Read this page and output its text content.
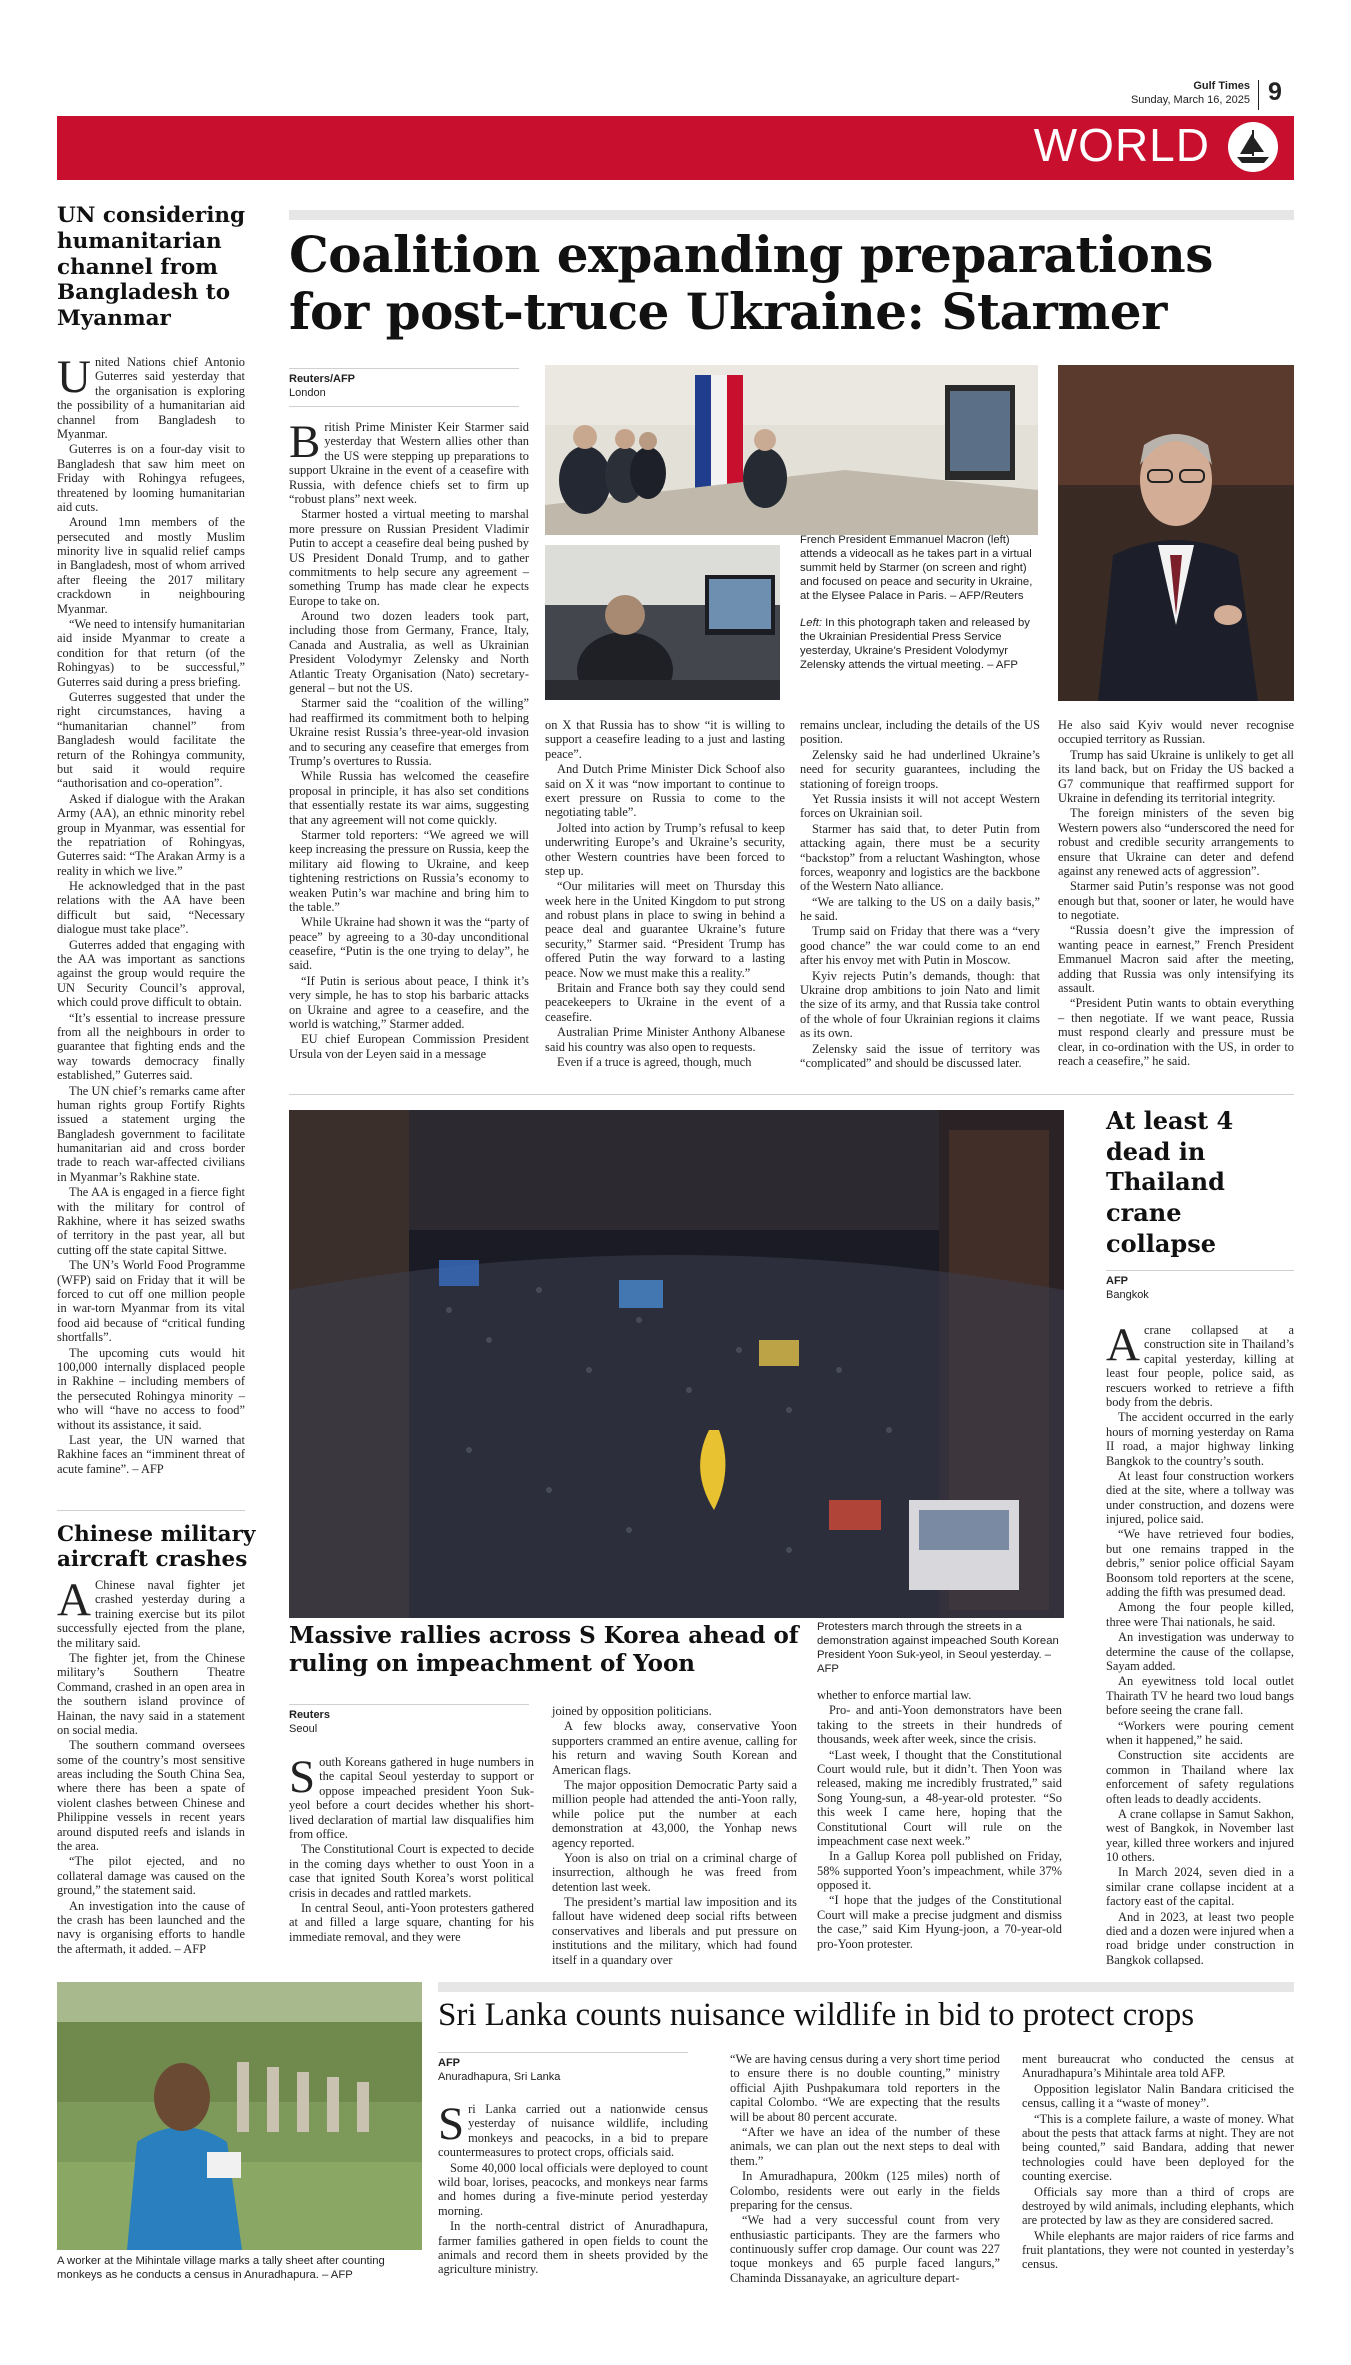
Gulf Times
Sunday, March 16, 2025 9
WORLD
UN considering humanitarian channel from Bangladesh to Myanmar

United Nations chief Antonio Guterres said yesterday that the organisation is exploring the possibility of a humanitarian aid channel from Bangladesh to Myanmar.

Guterres is on a four-day visit to Bangladesh that saw him meet on Friday with Rohingya refugees, threatened by looming humanitarian aid cuts.

Around 1mn members of the persecuted and mostly Muslim minority live in squalid relief camps in Bangladesh, most of whom arrived after fleeing the 2017 military crackdown in neighbouring Myanmar.

“We need to intensify humanitarian aid inside Myanmar to create a condition for that return (of the Rohingyas) to be successful,” Guterres said during a press briefing.

Guterres suggested that under the right circumstances, having a “humanitarian channel” from Bangladesh would facilitate the return of the Rohingya community, but said it would require “authorisation and co-operation”.

Asked if dialogue with the Arakan Army (AA), an ethnic minority rebel group in Myanmar, was essential for the repatriation of Rohingyas, Guterres said: “The Arakan Army is a reality in which we live.”

He acknowledged that in the past relations with the AA have been difficult but said, “Necessary dialogue must take place”.

Guterres added that engaging with the AA was important as sanctions against the group would require the UN Security Council’s approval, which could prove difficult to obtain.

“It’s essential to increase pressure from all the neighbours in order to guarantee that fighting ends and the way towards democracy finally established,” Guterres said.

The UN chief’s remarks came after human rights group Fortify Rights issued a statement urging the Bangladesh government to facilitate humanitarian aid and cross border trade to reach war-affected civilians in Myanmar’s Rakhine state.

The AA is engaged in a fierce fight with the military for control of Rakhine, where it has seized swaths of territory in the past year, all but cutting off the state capital Sittwe.

The UN’s World Food Programme (WFP) said on Friday that it will be forced to cut off one million people in war-torn Myanmar from its vital food aid because of “critical funding shortfalls”.

The upcoming cuts would hit 100,000 internally displaced people in Rakhine – including members of the persecuted Rohingya minority – who will “have no access to food” without its assistance, it said.

Last year, the UN warned that Rakhine faces an “imminent threat of acute famine”. – AFP

Chinese military aircraft crashes

A Chinese naval fighter jet crashed yesterday during a training exercise but its pilot successfully ejected from the plane, the military said.

The fighter jet, from the Chinese military’s Southern Theatre Command, crashed in an open area in the southern island province of Hainan, the navy said in a statement on social media.

The southern command oversees some of the country’s most sensitive areas including the South China Sea, where there has been a spate of violent clashes between Chinese and Philippine vessels in recent years around disputed reefs and islands in the area.

“The pilot ejected, and no collateral damage was caused on the ground,” the statement said.

An investigation into the cause of the crash has been launched and the navy is organising efforts to handle the aftermath, it added. – AFP

Coalition expanding preparations for post-truce Ukraine: Starmer
Reuters/AFP
London

British Prime Minister Keir Starmer said yesterday that Western allies other than the US were stepping up preparations to support Ukraine in the event of a ceasefire with Russia, with defence chiefs set to firm up “robust plans” next week.

Starmer hosted a virtual meeting to marshal more pressure on Russian President Vladimir Putin to accept a ceasefire deal being pushed by US President Donald Trump, and to gather commitments to help secure any agreement – something Trump has made clear he expects Europe to take on.

Around two dozen leaders took part, including those from Germany, France, Italy, Canada and Australia, as well as Ukrainian President Volodymyr Zelensky and North Atlantic Treaty Organisation (Nato) secretary-general – but not the US.

Starmer said the “coalition of the willing” had reaffirmed its commitment both to helping Ukraine resist Russia’s three-year-old invasion and to securing any ceasefire that emerges from Trump’s overtures to Russia.

While Russia has welcomed the ceasefire proposal in principle, it has also set conditions that essentially restate its war aims, suggesting that any agreement will not come quickly.

Starmer told reporters: “We agreed we will keep increasing the pressure on Russia, keep the military aid flowing to Ukraine, and keep tightening restrictions on Russia’s economy to weaken Putin’s war machine and bring him to the table.”

While Ukraine had shown it was the “party of peace” by agreeing to a 30-day unconditional ceasefire, “Putin is the one trying to delay”, he said.

“If Putin is serious about peace, I think it’s very simple, he has to stop his barbaric attacks on Ukraine and agree to a ceasefire, and the world is watching,” Starmer added.

EU chief European Commission President Ursula von der Leyen said in a message

French President Emmanuel Macron (left) attends a videocall as he takes part in a virtual summit held by Starmer (on screen and right) and focused on peace and security in Ukraine, at the Elysee Palace in Paris. – AFP/Reuters
Left: In this photograph taken and released by the Ukrainian Presidential Press Service yesterday, Ukraine’s President Volodymyr Zelensky attends the virtual meeting. – AFP

on X that Russia has to show “it is willing to support a ceasefire leading to a just and lasting peace”.

And Dutch Prime Minister Dick Schoof also said on X it was “now important to continue to exert pressure on Russia to come to the negotiating table”.

Jolted into action by Trump’s refusal to keep underwriting Europe’s and Ukraine’s security, other Western countries have been forced to step up.

“Our militaries will meet on Thursday this week here in the United Kingdom to put strong and robust plans in place to swing in behind a peace deal and guarantee Ukraine’s future security,” Starmer said. “President Trump has offered Putin the way forward to a lasting peace. Now we must make this a reality.”

Britain and France both say they could send peacekeepers to Ukraine in the event of a ceasefire.

Australian Prime Minister Anthony Albanese said his country was also open to requests.

Even if a truce is agreed, though, much

remains unclear, including the details of the US position.

Zelensky said he had underlined Ukraine’s need for security guarantees, including the stationing of foreign troops.

Yet Russia insists it will not accept Western forces on Ukrainian soil.

Starmer has said that, to deter Putin from attacking again, there must be a security “backstop” from a reluctant Washington, whose forces, weaponry and logistics are the backbone of the Western Nato alliance.

“We are talking to the US on a daily basis,” he said.

Trump said on Friday that there was a “very good chance” the war could come to an end after his envoy met with Putin in Moscow.

Kyiv rejects Putin’s demands, though: that Ukraine drop ambitions to join Nato and limit the size of its army, and that Russia take control of the whole of four Ukrainian regions it claims as its own.

Zelensky said the issue of territory was “complicated” and should be discussed later.

He also said Kyiv would never recognise occupied territory as Russian.

Trump has said Ukraine is unlikely to get all its land back, but on Friday the US backed a G7 communique that reaffirmed support for Ukraine in defending its territorial integrity.

The foreign ministers of the seven big Western powers also “underscored the need for robust and credible security arrangements to ensure that Ukraine can deter and defend against any renewed acts of aggression”.

Starmer said Putin’s response was not good enough but that, sooner or later, he would have to negotiate.

“Russia doesn’t give the impression of wanting peace in earnest,” French President Emmanuel Macron said after the meeting, adding that Russia was only intensifying its assault.

“President Putin wants to obtain everything – then negotiate. If we want peace, Russia must respond clearly and pressure must be clear, in co-ordination with the US, in order to reach a ceasefire,” he said.

Protesters march through the streets in a demonstration against impeached South Korean President Yoon Suk-yeol, in Seoul yesterday. – AFP
Massive rallies across S Korea ahead of ruling on impeachment of Yoon
Reuters
Seoul

South Koreans gathered in huge numbers in the capital Seoul yesterday to support or oppose impeached president Yoon Suk-yeol before a court decides whether his short-lived declaration of martial law disqualifies him from office.

The Constitutional Court is expected to decide in the coming days whether to oust Yoon in a case that ignited South Korea’s worst political crisis in decades and rattled markets.

In central Seoul, anti-Yoon protesters gathered at and filled a large square, chanting for his immediate removal, and they were

joined by opposition politicians.

A few blocks away, conservative Yoon supporters crammed an entire avenue, calling for his return and waving South Korean and American flags.

The major opposition Democratic Party said a million people had attended the anti-Yoon rally, while police put the number at each demonstration at 43,000, the Yonhap news agency reported.

Yoon is also on trial on a criminal charge of insurrection, although he was freed from detention last week.

The president’s martial law imposition and its fallout have widened deep social rifts between conservatives and liberals and put pressure on institutions and the military, which had found itself in a quandary over

whether to enforce martial law.

Pro- and anti-Yoon demonstrators have been taking to the streets in their hundreds of thousands, week after week, since the crisis.

“Last week, I thought that the Constitutional Court would rule, but it didn’t. Then Yoon was released, making me incredibly frustrated,” said Song Young-sun, a 48-year-old protester. “So this week I came here, hoping that the Constitutional Court will rule on the impeachment case next week.”

In a Gallup Korea poll published on Friday, 58% supported Yoon’s impeachment, while 37% opposed it.

“I hope that the judges of the Constitutional Court will make a precise judgment and dismiss the case,” said Kim Hyung-joon, a 70-year-old pro-Yoon protester.

At least 4 dead in Thailand crane collapse
AFP
Bangkok

Acrane collapsed at a construction site in Thailand’s capital yesterday, killing at least four people, police said, as rescuers worked to retrieve a fifth body from the debris.

The accident occurred in the early hours of morning yesterday on Rama II road, a major highway linking Bangkok to the country’s south.

At least four construction workers died at the site, where a tollway was under construction, and dozens were injured, police said.

“We have retrieved four bodies, but one remains trapped in the debris,” senior police official Sayam Boonsom told reporters at the scene, adding the fifth was presumed dead.

Among the four people killed, three were Thai nationals, he said.

An investigation was underway to determine the cause of the collapse, Sayam added.

An eyewitness told local outlet Thairath TV he heard two loud bangs before seeing the crane fall.

“Workers were pouring cement when it happened,” he said.

Construction site accidents are common in Thailand where lax enforcement of safety regulations often leads to deadly accidents.

A crane collapse in Samut Sakhon, west of Bangkok, in November last year, killed three workers and injured 10 others.

In March 2024, seven died in a similar crane collapse incident at a factory east of the capital.

And in 2023, at least two people died and a dozen were injured when a road bridge under construction in Bangkok collapsed.

A worker at the Mihintale village marks a tally sheet after counting monkeys as he conducts a census in Anuradhapura. – AFP
Sri Lanka counts nuisance wildlife in bid to protect crops
AFP
Anuradhapura, Sri Lanka

Sri Lanka carried out a nationwide census yesterday of nuisance wildlife, including monkeys and peacocks, in a bid to prepare countermeasures to protect crops, officials said.

Some 40,000 local officials were deployed to count wild boar, lorises, peacocks, and monkeys near farms and homes during a five-minute period yesterday morning.

In the north-central district of Anuradhapura, farmer families gathered in open fields to count the animals and record them in sheets provided by the agriculture ministry.

“We are having census during a very short time period to ensure there is no double counting,” ministry official Ajith Pushpakumara told reporters in the capital Colombo. “We are expecting that the results will be about 80 percent accurate.

“After we have an idea of the number of these animals, we can plan out the next steps to deal with them.”

In Amuradhapura, 200km (125 miles) north of Colombo, residents were out early in the fields preparing for the census.

“We had a very successful count from very enthusiastic participants. They are the farmers who continuously suffer crop damage. Our count was 227 toque monkeys and 65 purple faced langurs,” Chaminda Dissanayake, an agriculture depart-

ment bureaucrat who conducted the census at Anuradhapura’s Mihintale area told AFP.

Opposition legislator Nalin Bandara criticised the census, calling it a “waste of money”.

“This is a complete failure, a waste of money. What about the pests that attack farms at night. They are not being counted,” said Bandara, adding that newer technologies could have been deployed for the counting exercise.

Officials say more than a third of crops are destroyed by wild animals, including elephants, which are protected by law as they are considered sacred.

While elephants are major raiders of rice farms and fruit plantations, they were not counted in yesterday’s census.
